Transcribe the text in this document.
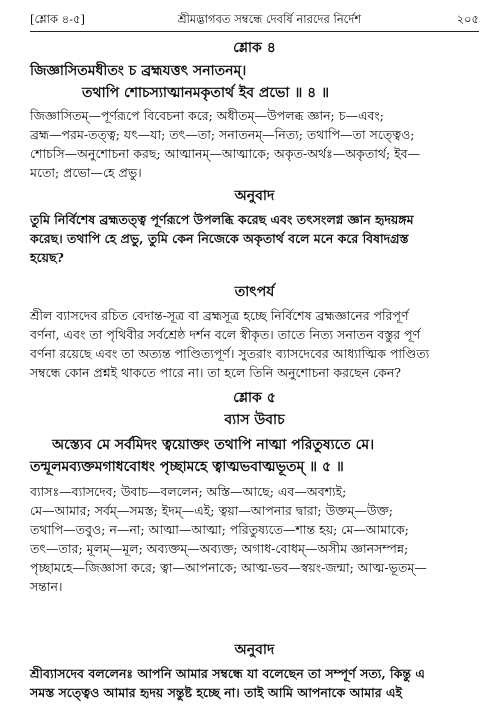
[শ্লোক ৪-৫]	শ্রীমদ্ভাগবত সম্বন্ধে দেবর্ষি নারদের নির্দেশ	২০৫
শ্লোক ৪
জিজ্ঞাসিতমধীতং চ ব্রহ্মযত্তৎ সনাতনম্।
তথাপি শোচস্যাত্মানমকৃতার্থ ইব প্রভো ॥ ৪ ॥
জিজ্ঞাসিতম্—পূর্ণরূপে বিবেচনা করে; অধীতম্—উপলব্ধ জ্ঞান; চ—এবং;
ব্রহ্ম—পরম-তত্ত্ব; যৎ—যা; তৎ—তা; সনাতনম্—নিত্য; তথাপি—তা সত্ত্বেও;
শোচসি—অনুশোচনা করছ; আত্মানম্—আত্মাকে; অকৃত-অর্থঃ—অকৃতার্থ; ইব—
মতো; প্রভো—হে প্রভু।
অনুবাদ
তুমি নির্বিশেষ ব্রহ্মতত্ত্ব পূর্ণরূপে উপলব্ধি করেছ এবং তৎসংলগ্ন জ্ঞান হৃদয়ঙ্গম
করেছ। তথাপি হে প্রভু, তুমি কেন নিজেকে অকৃতার্থ বলে মনে করে বিষাদগ্রস্ত
হয়েছ?
তাৎপর্য
শ্রীল ব্যাসদেব রচিত বেদান্ত-সূত্র বা ব্রহ্মসূত্র হচ্ছে নির্বিশেষ ব্রহ্মজ্ঞানের পরিপূর্ণ
বর্ণনা, এবং তা পৃথিবীর সর্বশ্রেষ্ঠ দর্শন বলে স্বীকৃত। তাতে নিত্য সনাতন বস্তুর পূর্ণ
বর্ণনা রয়েছে এবং তা অত্যন্ত পাণ্ডিত্যপূর্ণ। সুতরাং ব্যাসদেবের আধ্যাত্মিক পাণ্ডিত্য
সম্বন্ধে কোন প্রশ্নই থাকতে পারে না। তা হলে তিনি অনুশোচনা করছেন কেন?
শ্লোক ৫
ব্যাস উবাচ
অস্ত্যেব মে সর্বমিদং ত্বয়োক্তং তথাপি নাত্মা পরিতুষ্যতে মে।
তন্মূলমব্যক্তমগাধবোধং পৃচ্ছামহে ত্বাত্মভবাত্মভূতম্ ॥ ৫ ॥
ব্যাসঃ—ব্যাসদেব; উবাচ—বললেন; অস্তি—আছে; এব—অবশ্যই;
মে—আমার; সর্বম্—সমস্ত; ইদম্—এই; ত্বয়া—আপনার দ্বারা; উক্তম্—উক্ত;
তথাপি—তবুও; ন—না; আত্মা—আত্মা; পরিতুষ্যতে—শান্ত হয়; মে—আমাকে;
তৎ—তার; মূলম্—মূল; অব্যক্তম্—অব্যক্ত; অগাধ-বোধম্—অসীম জ্ঞানসম্পন্ন;
পৃচ্ছামহে—জিজ্ঞাসা করে; ত্বা—আপনাকে; আত্ম-ভব—স্বয়ং-জন্মা; আত্ম-ভূতম্—
সন্তান।
অনুবাদ
শ্রীব্যাসদেব বললেনঃ আপনি আমার সম্বন্ধে যা বলেছেন তা সম্পূর্ণ সত্য, কিন্তু এ
সমস্ত সত্ত্বেও আমার হৃদয় সন্তুষ্ট হচ্ছে না। তাই আমি আপনাকে আমার এই
